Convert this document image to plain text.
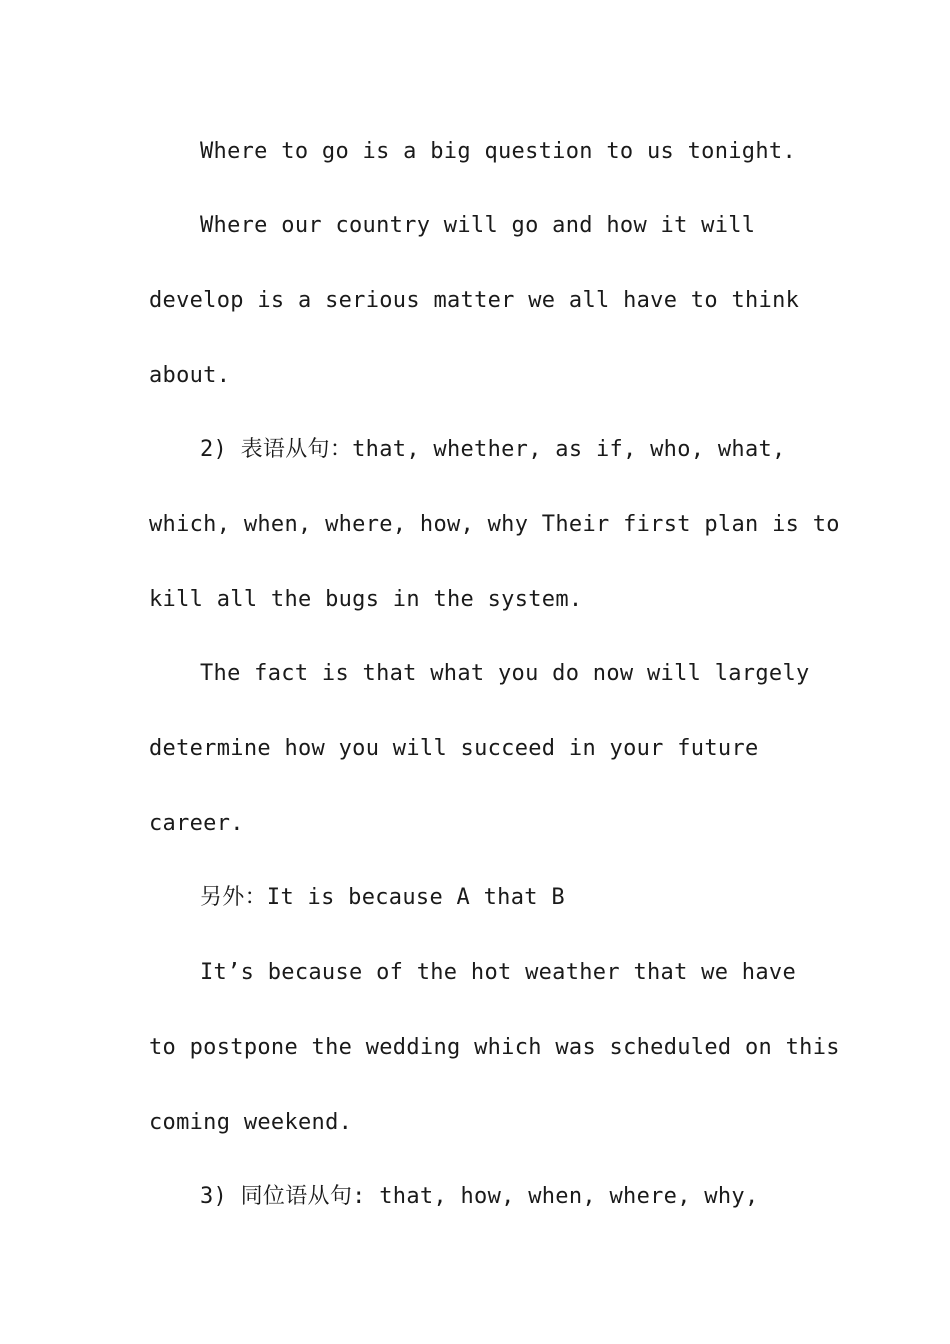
Where to go is a big question to us tonight.
Where our country will go and how it will
develop is a serious matter we all have to think
about.
2) 表语从句：that, whether, as if, who, what,
which, when, where, how, why Their first plan is to
kill all the bugs in the system.
The fact is that what you do now will largely
determine how you will succeed in your future
career.
另外：It is because A that B
It’s because of the hot weather that we have
to postpone the wedding which was scheduled on this
coming weekend.
3) 同位语从句: that, how, when, where, why,
